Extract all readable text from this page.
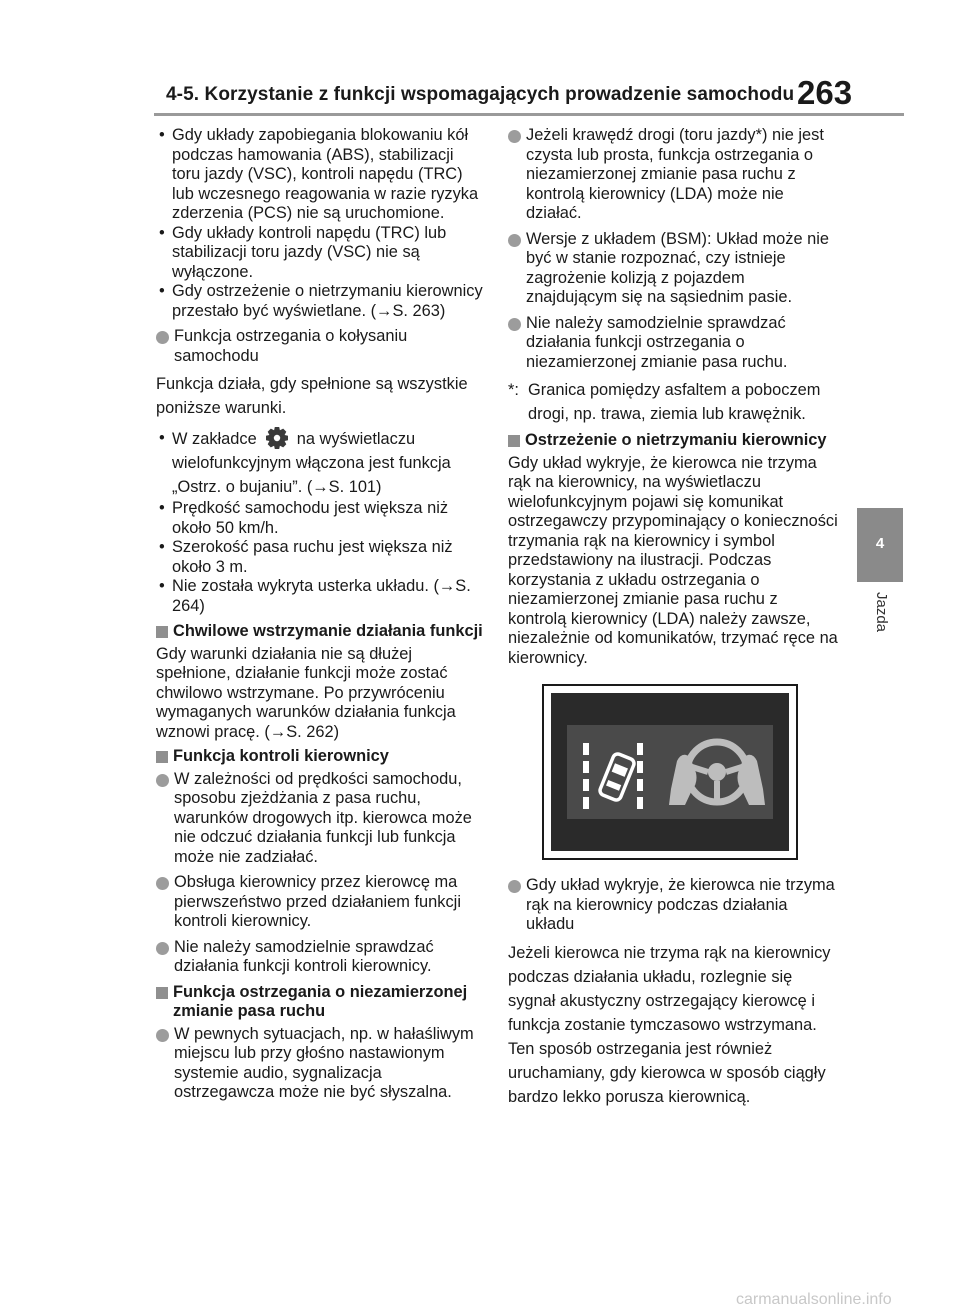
4-5. Korzystanie z funkcji wspomagających prowadzenie samochodu 263
4
Jazda
• Gdy układy zapobiegania blokowaniu kół podczas hamowania (ABS), stabilizacji toru jazdy (VSC), kontroli napędu (TRC) lub wczesnego reagowania w razie ryzyka zderzenia (PCS) nie są uruchomione.
• Gdy układy kontroli napędu (TRC) lub stabilizacji toru jazdy (VSC) nie są wyłączone.
• Gdy ostrzeżenie o nietrzymaniu kierownicy przestało być wyświetlane. (→S. 263)
Funkcja ostrzegania o kołysaniu samochodu
Funkcja działa, gdy spełnione są wszystkie poniższe warunki.
• W zakładce na wyświetlaczu wielofunkcyjnym włączona jest funkcja „Ostrz. o bujaniu”. (→S. 101)
• Prędkość samochodu jest większa niż około 50 km/h.
• Szerokość pasa ruchu jest większa niż około 3 m.
• Nie została wykryta usterka układu. (→S. 264)
Chwilowe wstrzymanie działania funkcji
Gdy warunki działania nie są dłużej spełnione, działanie funkcji może zostać chwilowo wstrzymane. Po przywróceniu wymaganych warunków działania funkcja wznowi pracę. (→S. 262)
Funkcja kontroli kierownicy
W zależności od prędkości samochodu, sposobu zjeżdżania z pasa ruchu, warunków drogowych itp. kierowca może nie odczuć działania funkcji lub funkcja może nie zadziałać.
Obsługa kierownicy przez kierowcę ma pierwszeństwo przed działaniem funkcji kontroli kierownicy.
Nie należy samodzielnie sprawdzać działania funkcji kontroli kierownicy.
Funkcja ostrzegania o niezamierzonej zmianie pasa ruchu
W pewnych sytuacjach, np. w hałaśliwym miejscu lub przy głośno nastawionym systemie audio, sygnalizacja ostrzegawcza może nie być słyszalna.
Jeżeli krawędź drogi (toru jazdy*) nie jest czysta lub prosta, funkcja ostrzegania o niezamierzonej zmianie pasa ruchu z kontrolą kierownicy (LDA) może nie działać.
Wersje z układem (BSM): Układ może nie być w stanie rozpoznać, czy istnieje zagrożenie kolizją z pojazdem znajdującym się na sąsiednim pasie.
Nie należy samodzielnie sprawdzać działania funkcji ostrzegania o niezamierzonej zmianie pasa ruchu.
*: Granica pomiędzy asfaltem a poboczem drogi, np. trawa, ziemia lub krawężnik.
Ostrzeżenie o nietrzymaniu kierownicy
Gdy układ wykryje, że kierowca nie trzyma rąk na kierownicy, na wyświetlaczu wielofunkcyjnym pojawi się komunikat ostrzegawczy przypominający o konieczności trzymania rąk na kierownicy i symbol przedstawiony na ilustracji. Podczas korzystania z układu ostrzegania o niezamierzonej zmianie pasa ruchu z kontrolą kierownicy (LDA) należy zawsze, niezależnie od komunikatów, trzymać ręce na kierownicy.
Gdy układ wykryje, że kierowca nie trzyma rąk na kierownicy podczas działania układu
Jeżeli kierowca nie trzyma rąk na kierownicy podczas działania układu, rozlegnie się sygnał akustyczny ostrzegający kierowcę i funkcja zostanie tymczasowo wstrzymana. Ten sposób ostrzegania jest również uruchamiany, gdy kierowca w sposób ciągły bardzo lekko porusza kierownicą.
carmanualsonline.info
